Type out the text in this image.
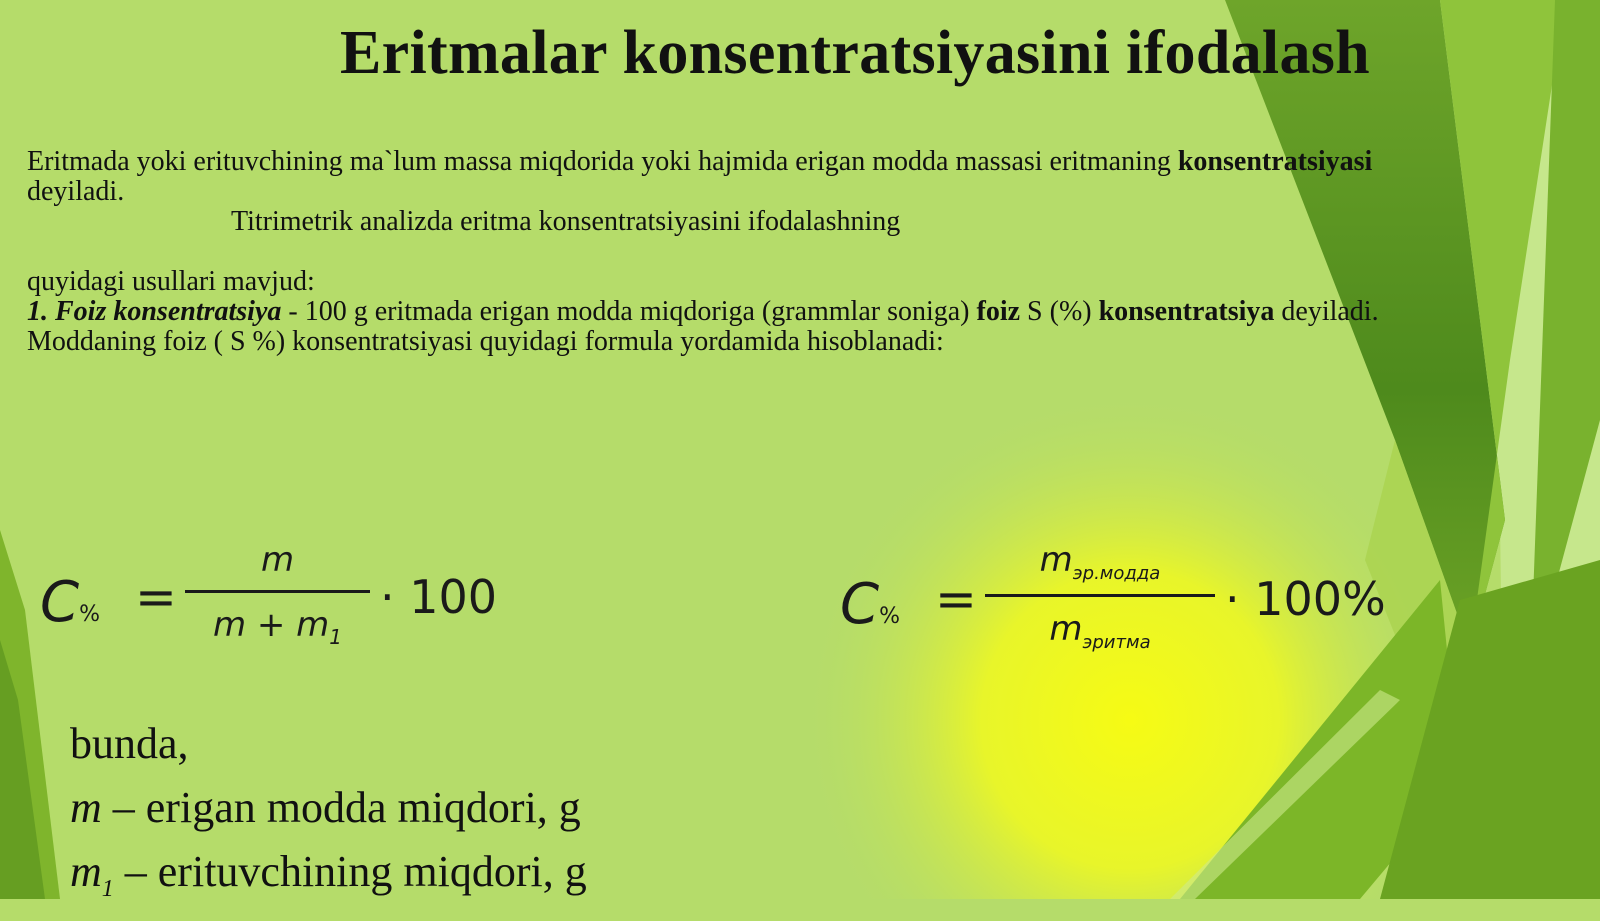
Eritmalar konsentratsiyasini ifodalash
Eritmada yoki erituvchining ma`lum massa miqdorida yoki hajmida erigan modda massasi eritmaning konsentratsiyasi
deyiladi.
Titrimetrik analizda eritma konsentratsiyasini ifodalashning
quyidagi usullari mavjud:
1. Foiz konsentratsiya - 100 g eritmada erigan modda miqdoriga (grammlar soniga) foiz S (%) konsentratsiya deyiladi.
Moddaning foiz ( S %) konsentratsiyasi quyidagi formula yordamida hisoblanadi:
C% =
m
$m + m_1$
· 100	C% =
$m_{эр.модда}$
$m_{эритма}$
· 100%
bunda,
m – erigan modda miqdori, g
$m_1$ – erituvchining miqdori, g
